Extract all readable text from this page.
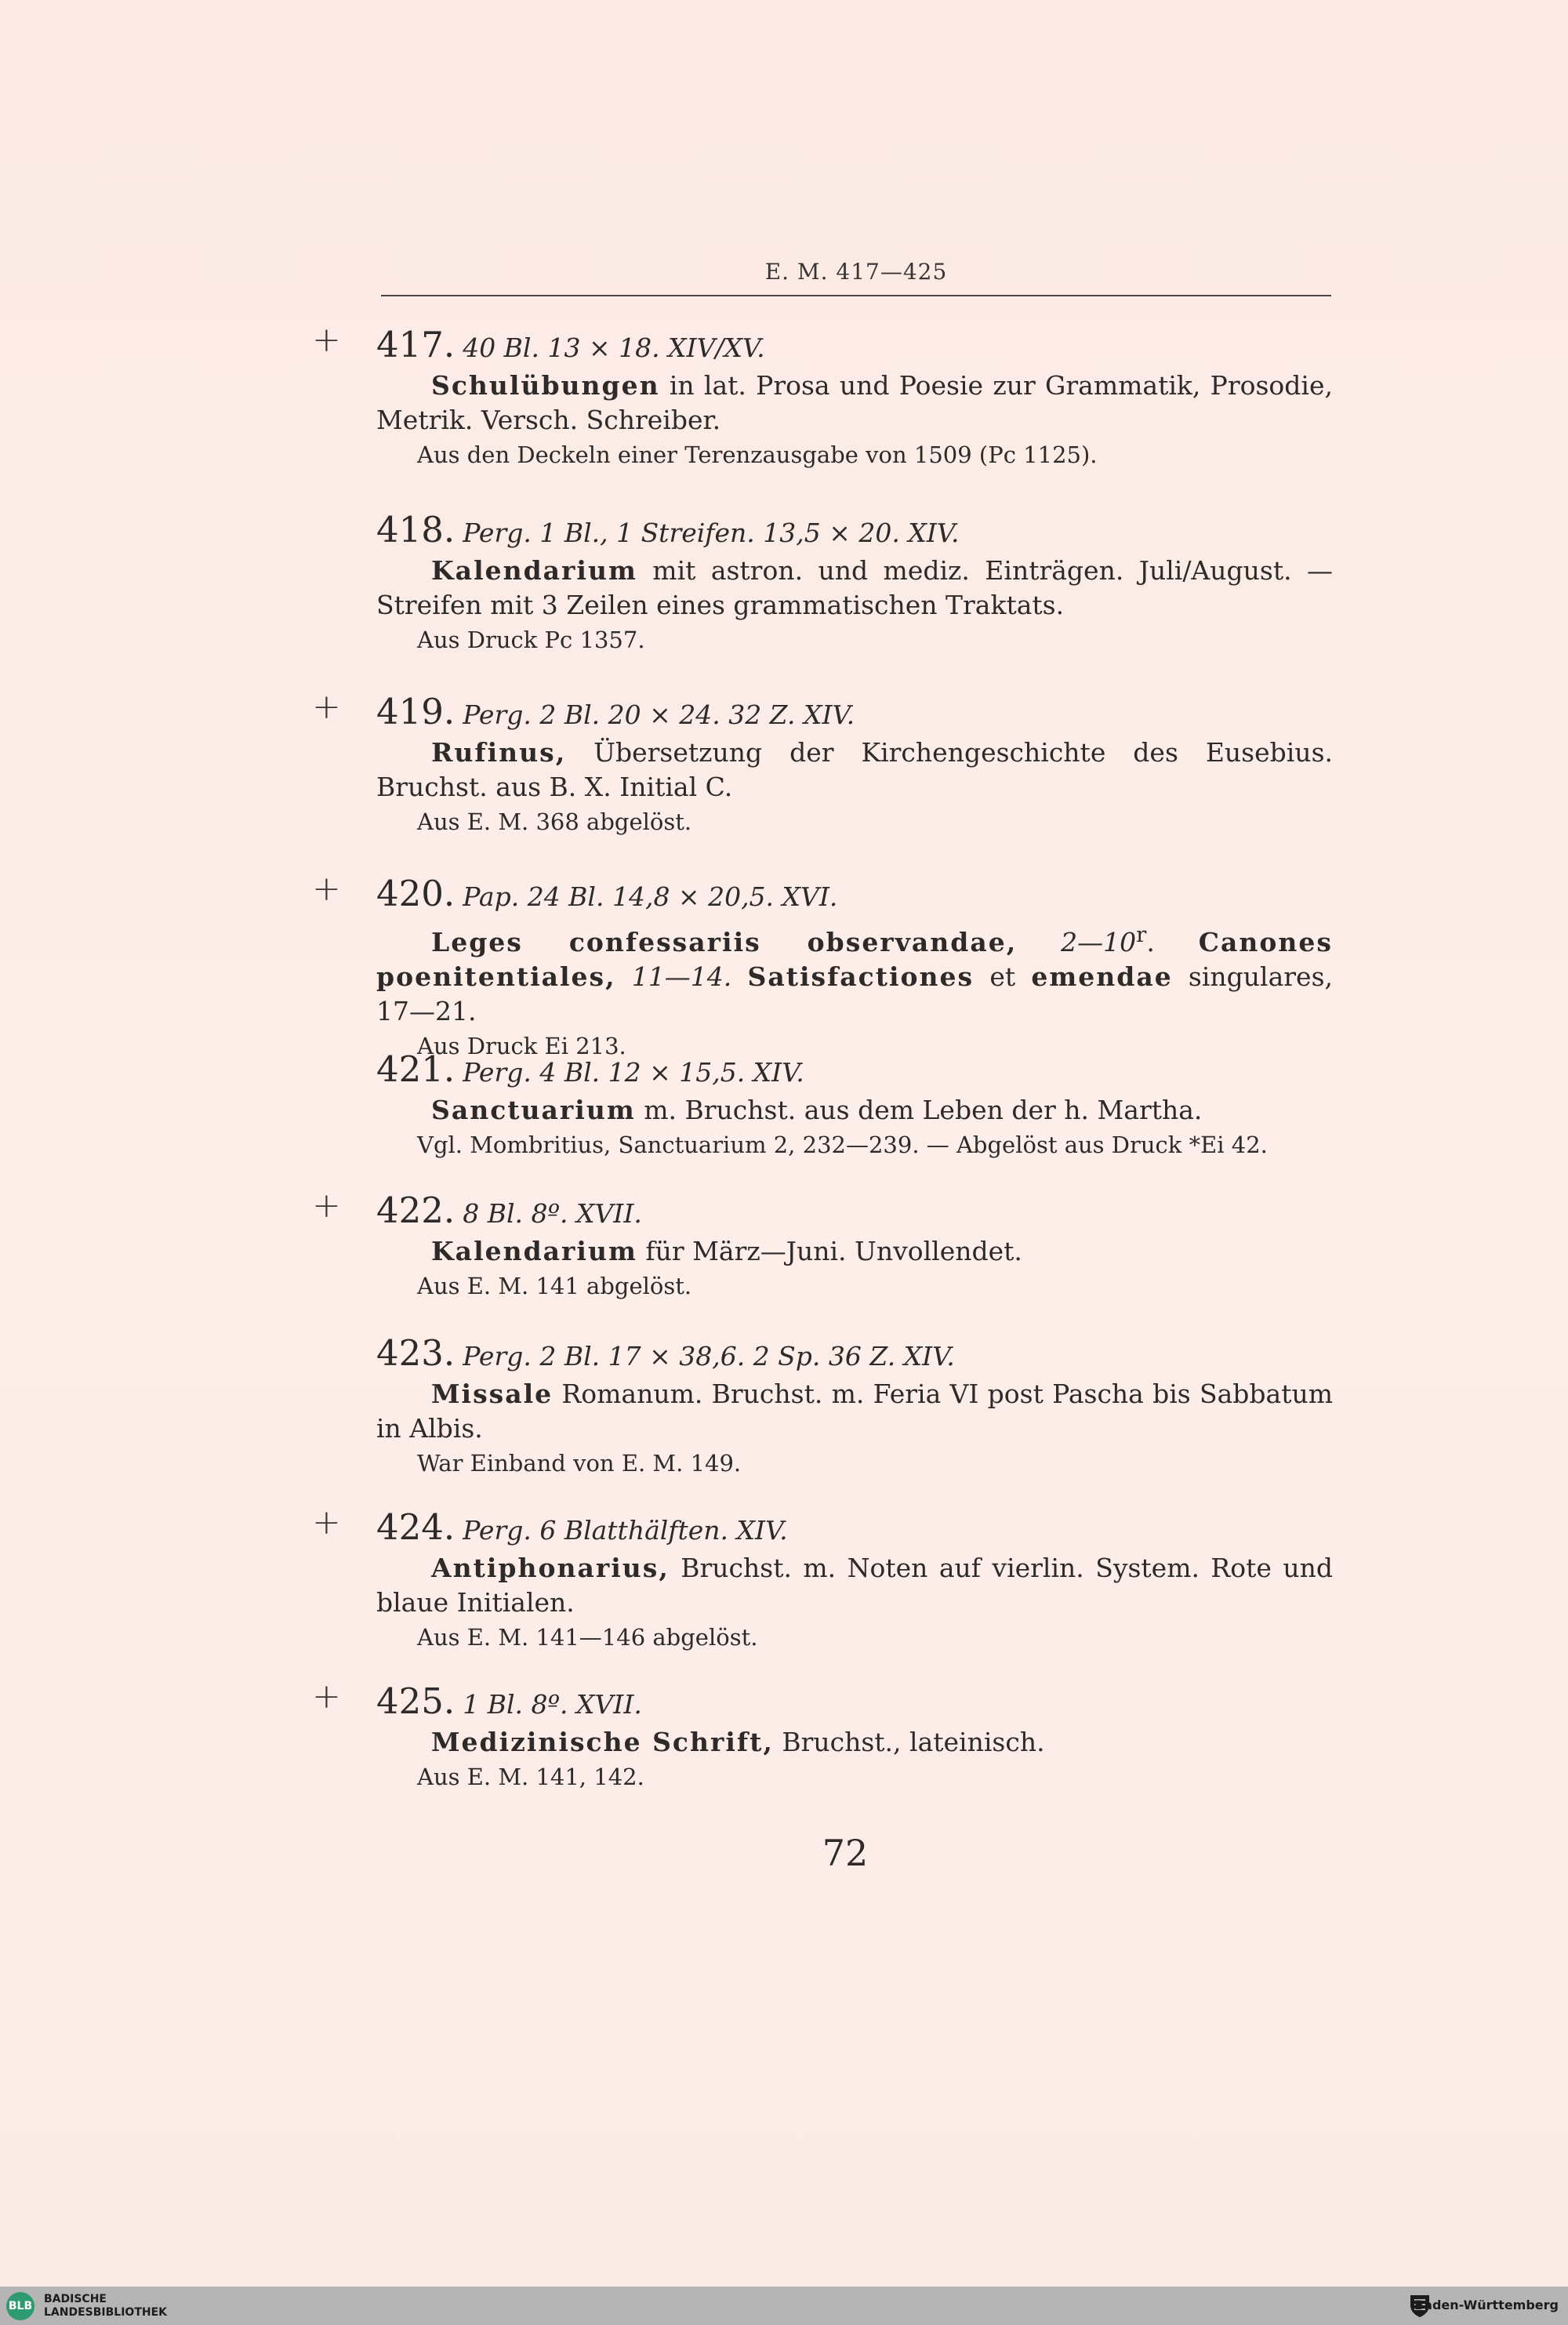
E. M. 417—425
+ 417. 40 Bl. 13 × 18. XIV/XV.
Schulübungen in lat. Prosa und Poesie zur Grammatik, Prosodie, Metrik. Versch. Schreiber.
Aus den Deckeln einer Terenzausgabe von 1509 (Pc 1125).
418. Perg. 1 Bl., 1 Streifen. 13,5 × 20. XIV.
Kalendarium mit astron. und mediz. Einträgen. Juli/August. — Streifen mit 3 Zeilen eines grammatischen Traktats.
Aus Druck Pc 1357.
+ 419. Perg. 2 Bl. 20 × 24. 32 Z. XIV.
Rufinus, Übersetzung der Kirchengeschichte des Eusebius. Bruchst. aus B. X. Initial C.
Aus E. M. 368 abgelöst.
+ 420. Pap. 24 Bl. 14,8 × 20,5. XVI.
Leges confessariis observandae, 2—10$^r$. Canones poenitentiales, 11—14. Satisfactiones et emendae singulares, 17—21.
Aus Druck Ei 213.
421. Perg. 4 Bl. 12 × 15,5. XIV.
Sanctuarium m. Bruchst. aus dem Leben der h. Martha.
Vgl. Mombritius, Sanctuarium 2, 232—239. — Abgelöst aus Druck *Ei 42.
+ 422. 8 Bl. 8º. XVII.
Kalendarium für März—Juni. Unvollendet.
Aus E. M. 141 abgelöst.
423. Perg. 2 Bl. 17 × 38,6. 2 Sp. 36 Z. XIV.
Missale Romanum. Bruchst. m. Feria VI post Pascha bis Sabbatum in Albis.
War Einband von E. M. 149.
+ 424. Perg. 6 Blatthälften. XIV.
Antiphonarius, Bruchst. m. Noten auf vierlin. System. Rote und blaue Initialen.
Aus E. M. 141—146 abgelöst.
+ 425. 1 Bl. 8º. XVII.
Medizinische Schrift, Bruchst., lateinisch.
Aus E. M. 141, 142.
72
BLB
BADISCHE
LANDESBIBLIOTHEK	Baden-Württemberg
